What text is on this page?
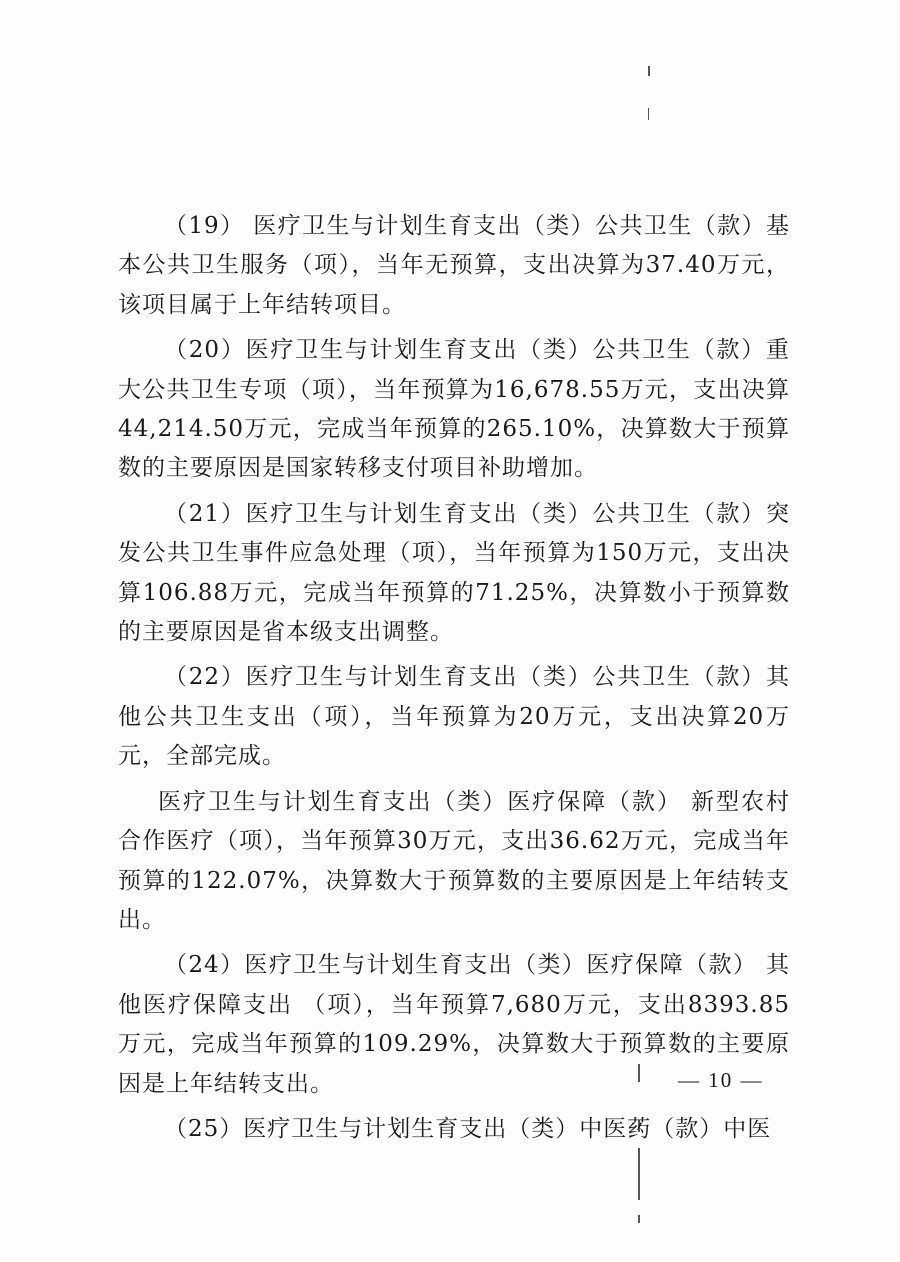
（19） 医疗卫生与计划生育支出（类）公共卫生（款）基本公共卫生服务（项），当年无预算，支出决算为37.40万元，该项目属于上年结转项目。

（20）医疗卫生与计划生育支出（类）公共卫生（款）重大公共卫生专项（项），当年预算为16,678.55万元，支出决算44,214.50万元，完成当年预算的265.10%，决算数大于预算数的主要原因是国家转移支付项目补助增加。

（21）医疗卫生与计划生育支出（类）公共卫生（款）突发公共卫生事件应急处理（项），当年预算为150万元，支出决算106.88万元，完成当年预算的71.25%，决算数小于预算数的主要原因是省本级支出调整。

（22）医疗卫生与计划生育支出（类）公共卫生（款）其他公共卫生支出（项），当年预算为20万元，支出决算20万元，全部完成。

医疗卫生与计划生育支出（类）医疗保障（款） 新型农村合作医疗（项），当年预算30万元，支出36.62万元，完成当年预算的122.07%，决算数大于预算数的主要原因是上年结转支出。

（24）医疗卫生与计划生育支出（类）医疗保障（款） 其他医疗保障支出 （项），当年预算7,680万元，支出8393.85万元，完成当年预算的109.29%，决算数大于预算数的主要原因是上年结转支出。

（25）医疗卫生与计划生育支出（类）中医药（款）中医

— 10 —
